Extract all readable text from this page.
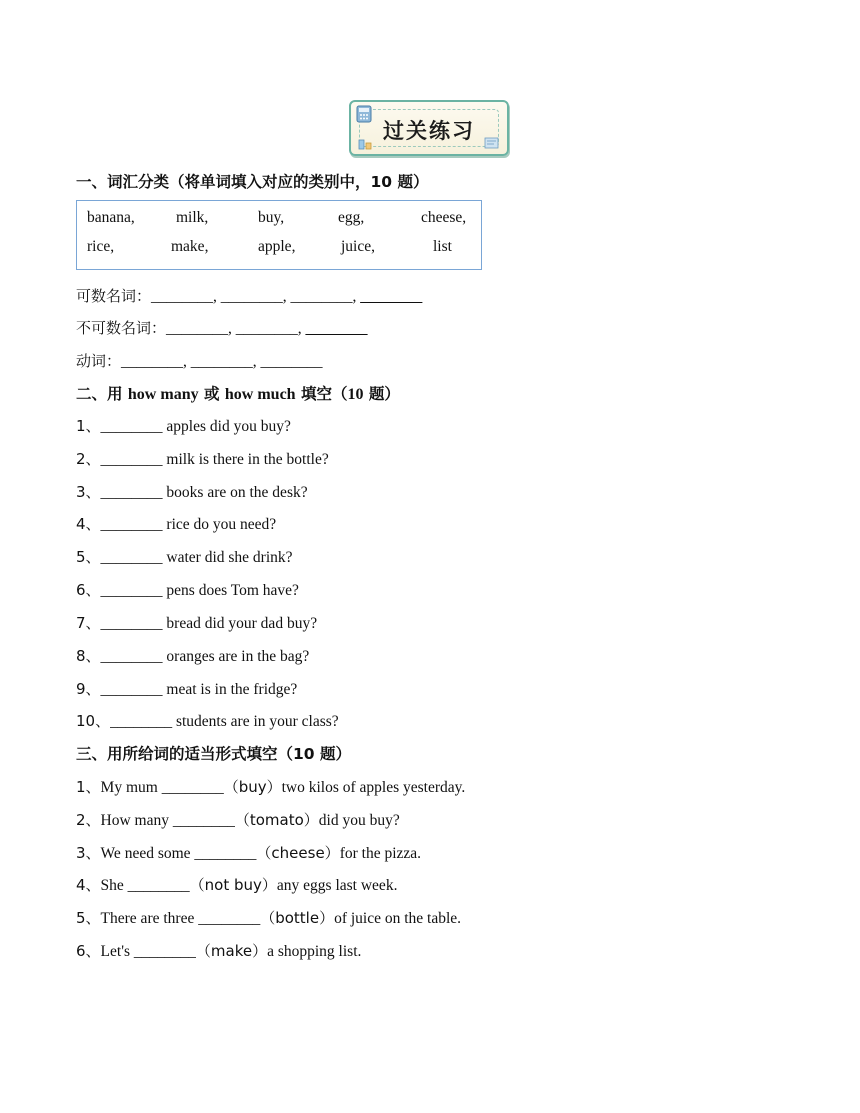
过关练习
一、词汇分类（将单词填入对应的类别中，10 题）
banana,	milk,	buy,	egg,	cheese,
rice,	make,	apple,	juice,	list
可数名词：________, ________, ________, ________
不可数名词：________, ________, ________
动词：________, ________, ________
二、用 how many 或 how much 填空（10 题）
1、________ apples did you buy?
2、________ milk is there in the bottle?
3、________ books are on the desk?
4、________ rice do you need?
5、________ water did she drink?
6、________ pens does Tom have?
7、________ bread did your dad buy?
8、________ oranges are in the bag?
9、________ meat is in the fridge?
10、________ students are in your class?
三、用所给词的适当形式填空（10 题）
1、My mum ________（buy）two kilos of apples yesterday.
2、How many ________（tomato）did you buy?
3、We need some ________（cheese）for the pizza.
4、She ________（not buy）any eggs last week.
5、There are three ________（bottle）of juice on the table.
6、Let's ________（make）a shopping list.
